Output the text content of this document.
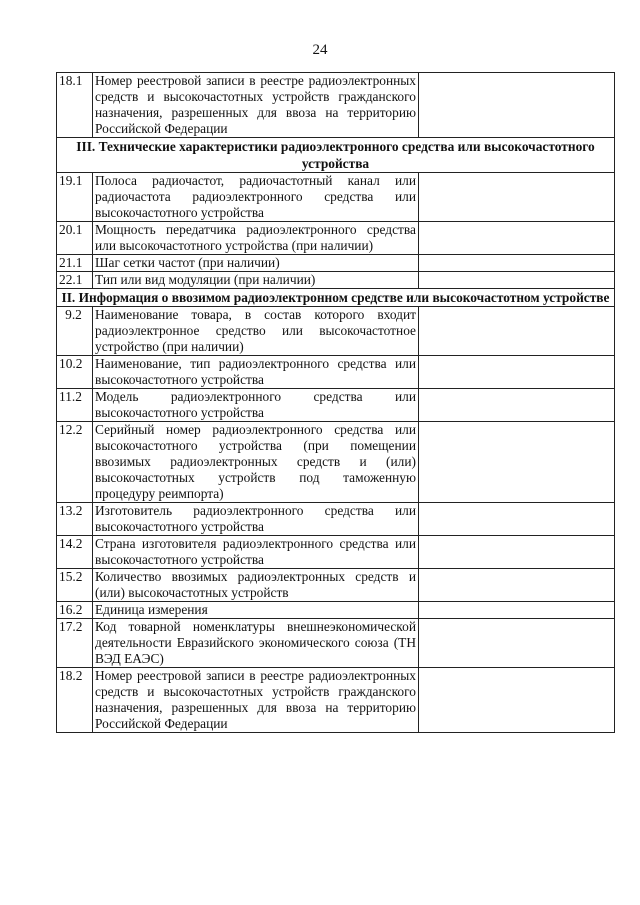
24
18.1	Номер реестровой записи в реестре радиоэлектронных средств и высокочастотных устройств гражданского назначения, разрешенных для ввоза на территорию Российской Федерации	
III. Технические характеристики радиоэлектронного средства или высокочастотного устройства		
19.1	Полоса радиочастот, радиочастотный канал или радиочастота радиоэлектронного средства или высокочастотного устройства	
20.1	Мощность передатчика радиоэлектронного средства или высокочастотного устройства (при наличии)	
21.1	Шаг сетки частот (при наличии)	
22.1	Тип или вид модуляции (при наличии)	
II. Информация о ввозимом радиоэлектронном средстве или высокочастотном устройстве		
9.2	Наименование товара, в состав которого входит радиоэлектронное средство или высокочастотное устройство (при наличии)	
10.2	Наименование, тип радиоэлектронного средства или высокочастотного устройства	
11.2	Модель радиоэлектронного средства или высокочастотного устройства	
12.2	Серийный номер радиоэлектронного средства или высокочастотного устройства (при помещении ввозимых радиоэлектронных средств и (или) высокочастотных устройств под таможенную процедуру реимпорта)	
13.2	Изготовитель радиоэлектронного средства или высокочастотного устройства	
14.2	Страна изготовителя радиоэлектронного средства или высокочастотного устройства	
15.2	Количество ввозимых радиоэлектронных средств и (или) высокочастотных устройств	
16.2	Единица измерения	
17.2	Код товарной номенклатуры внешнеэкономической деятельности Евразийского экономического союза (ТН ВЭД ЕАЭС)	
18.2	Номер реестровой записи в реестре радиоэлектронных средств и высокочастотных устройств гражданского назначения, разрешенных для ввоза на территорию Российской Федерации	
